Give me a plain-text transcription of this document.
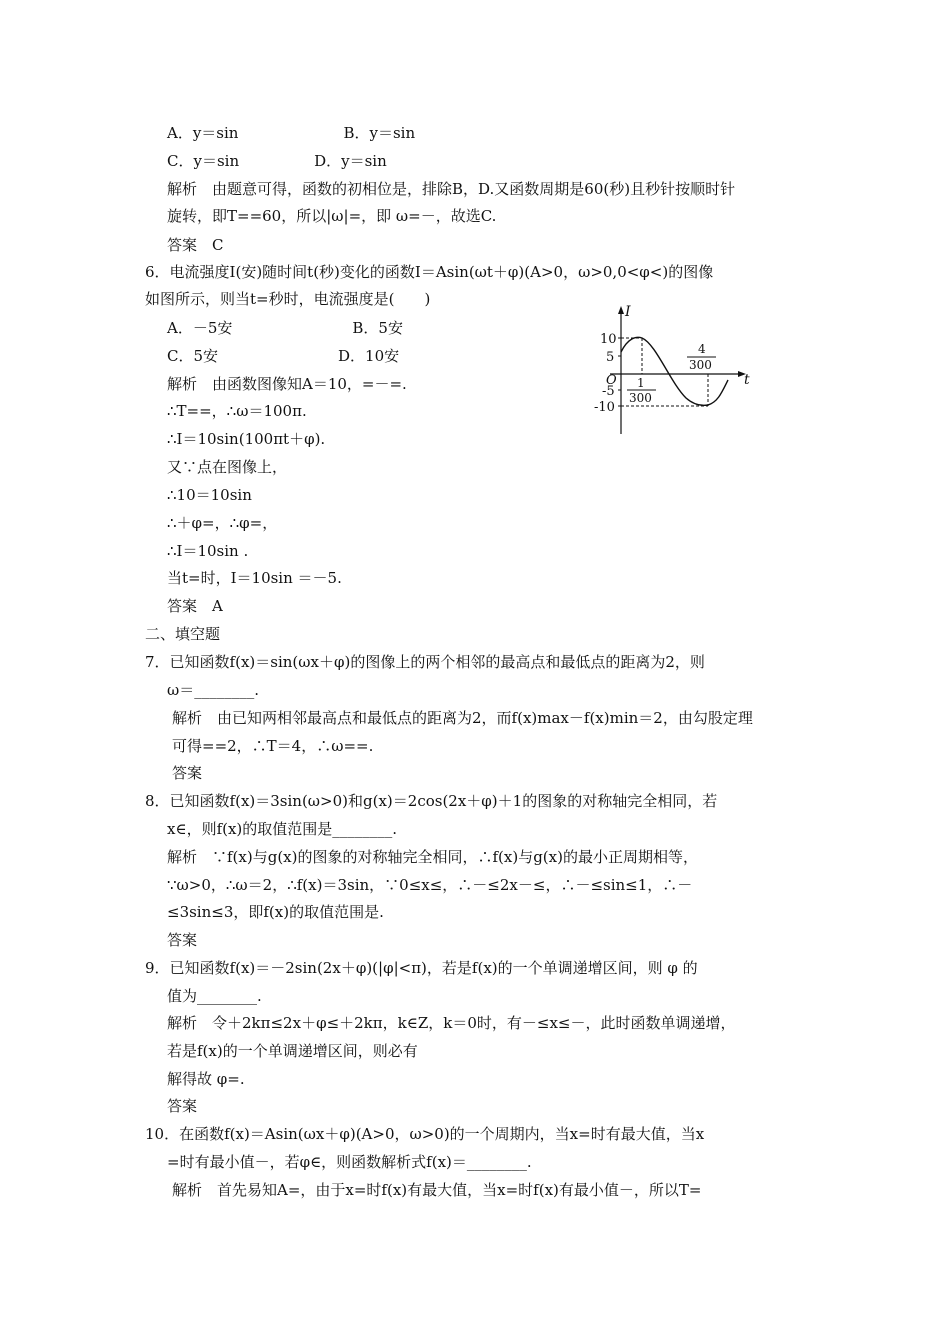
A．y＝sin　　　　　　　B．y＝sin
C．y＝sin　　　　　D．y＝sin
解析　由题意可得，函数的初相位是，排除B，D.又函数周期是60(秒)且秒针按顺时针
旋转，即T==60，所以|ω|=，即 ω=－，故选C.
答案　C
6．电流强度I(安)随时间t(秒)变化的函数I＝Asin(ωt＋φ)(A>0，ω>0,0<φ<)的图像
如图所示，则当t=秒时，电流强度是(　　)
A．－5安　　　　　　　　B．5安
C．5安　　　　　　　　D．10安
解析　由函数图像知A＝10，=－=.
∴T==，∴ω＝100π.
∴I＝10sin(100πt＋φ).
又∵点在图像上，
∴10＝10sin
∴＋φ=，∴φ=，
∴I＝10sin .
当t=时，I＝10sin ＝－5.
答案　A
二、填空题
7．已知函数f(x)＝sin(ωx＋φ)的图像上的两个相邻的最高点和最低点的距离为2，则
ω＝________.
解析　由已知两相邻最高点和最低点的距离为2，而f(x)max－f(x)min＝2，由勾股定理
可得==2，∴T＝4，∴ω==.
答案
8．已知函数f(x)＝3sin(ω>0)和g(x)＝2cos(2x＋φ)＋1的图象的对称轴完全相同，若
x∈，则f(x)的取值范围是________.
解析　∵f(x)与g(x)的图象的对称轴完全相同，∴f(x)与g(x)的最小正周期相等，
∵ω>0，∴ω＝2，∴f(x)＝3sin，∵0≤x≤，∴－≤2x－≤，∴－≤sin≤1，∴－
≤3sin≤3，即f(x)的取值范围是.
答案
9．已知函数f(x)＝－2sin(2x＋φ)(|φ|<π)，若是f(x)的一个单调递增区间，则 φ 的
值为________.
解析　令＋2kπ≤2x＋φ≤＋2kπ，k∈Z，k＝0时，有－≤x≤－，此时函数单调递增，
若是f(x)的一个单调递增区间，则必有
解得故 φ=.
答案
10．在函数f(x)＝Asin(ωx＋φ)(A>0，ω>0)的一个周期内，当x=时有最大值，当x
=时有最小值－，若φ∈，则函数解析式f(x)＝________.
解析　首先易知A=，由于x=时f(x)有最大值，当x=时f(x)有最小值－，所以T=
I
t
O
10
5
-5
-10
1
300
4
300
